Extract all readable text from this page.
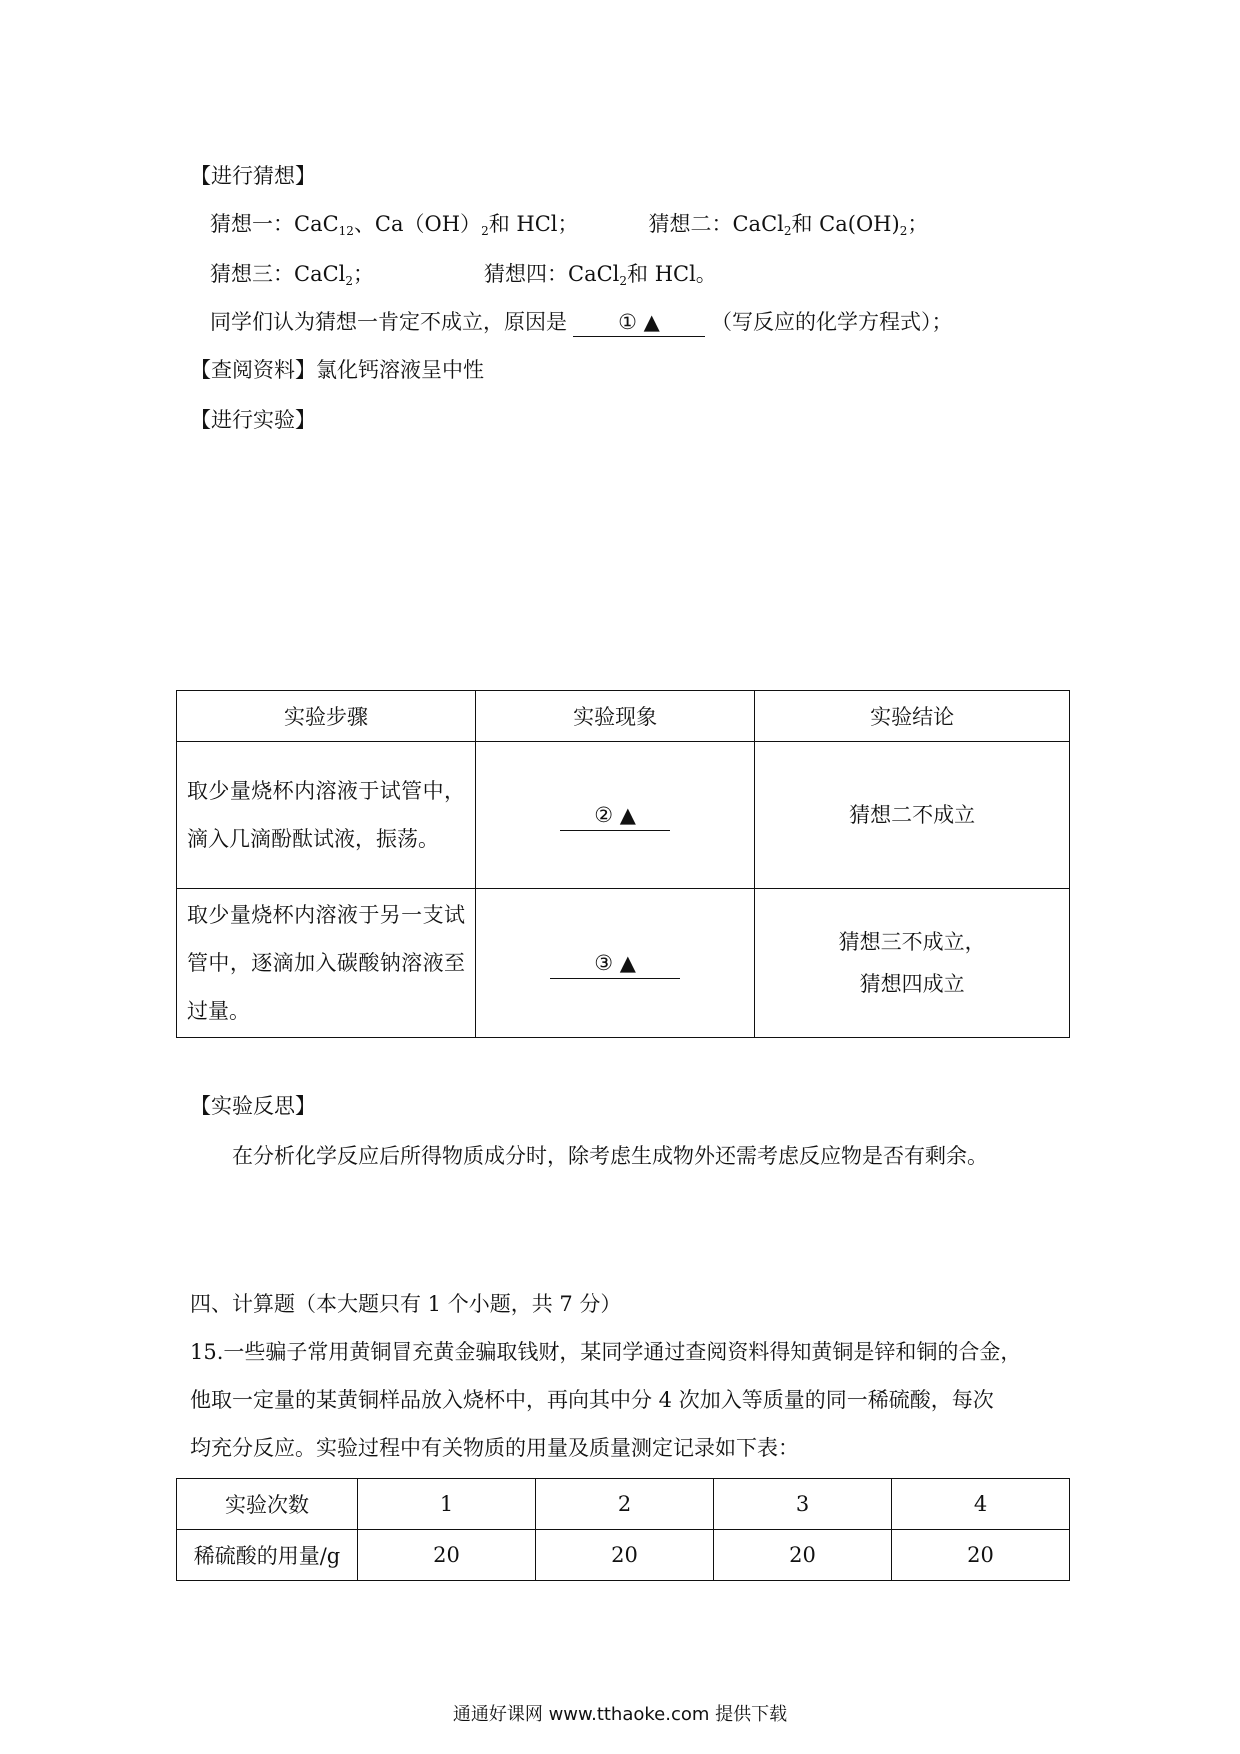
【进行猜想】
猜想一：CaC$_{12}$、$Ca(OH)_2$和 HCl；	猜想二：CaCl$_2$和 $Ca(OH)_2$；
猜想三：CaCl$_2$；	猜想四：CaCl$_2$和 HCl。
同学们认为猜想一肯定不成立，原因是 ① ▲ （写反应的化学方程式）；
【查阅资料】氯化钙溶液呈中性
【进行实验】
实验步骤	实验现象	实验结论
取少量烧杯内溶液于试管中，滴入几滴酚酞试液，振荡。	② ▲	猜想二不成立

取少量烧杯内溶液于另一支试管中，逐滴加入碳酸钠溶液至过量。	③ ▲	猜想三不成立，
猜想四成立
【实验反思】
在分析化学反应后所得物质成分时，除考虑生成物外还需考虑反应物是否有剩余。
四、计算题（本大题只有 1 个小题，共 7 分）
15.一些骗子常用黄铜冒充黄金骗取钱财，某同学通过查阅资料得知黄铜是锌和铜的合金，
他取一定量的某黄铜样品放入烧杯中，再向其中分 4 次加入等质量的同一稀硫酸，每次
均充分反应。实验过程中有关物质的用量及质量测定记录如下表：
实验次数	1	2	3	4
稀硫酸的用量/g	20	20	20	20
通通好课网 www.tthaoke.com 提供下载
